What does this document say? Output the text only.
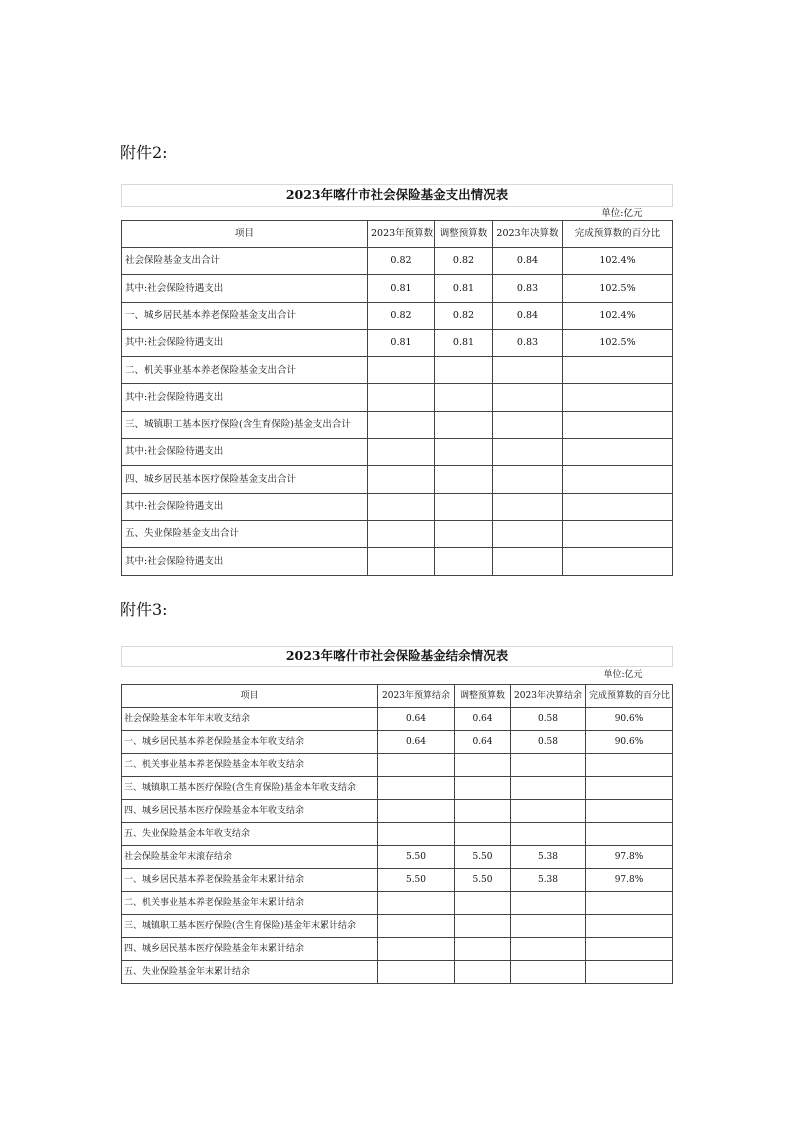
附件2:
2023年喀什市社会保险基金支出情况表				
单位:亿元				
项目	2023年预算数	调整预算数	2023年决算数	完成预算数的百分比
社会保险基金支出合计	0.82	0.82	0.84	102.4%
其中:社会保险待遇支出	0.81	0.81	0.83	102.5%
一、城乡居民基本养老保险基金支出合计	0.82	0.82	0.84	102.4%
其中:社会保险待遇支出	0.81	0.81	0.83	102.5%
二、机关事业基本养老保险基金支出合计				
其中:社会保险待遇支出				
三、城镇职工基本医疗保险(含生育保险)基金支出合计				
其中:社会保险待遇支出				
四、城乡居民基本医疗保险基金支出合计				
其中:社会保险待遇支出				
五、失业保险基金支出合计				
其中:社会保险待遇支出				
附件3:
2023年喀什市社会保险基金结余情况表				
单位:亿元				
项目	2023年预算结余	调整预算数	2023年决算结余	完成预算数的百分比
社会保险基金本年年末收支结余	0.64	0.64	0.58	90.6%
一、城乡居民基本养老保险基金本年收支结余	0.64	0.64	0.58	90.6%
二、机关事业基本养老保险基金本年收支结余				
三、城镇职工基本医疗保险(含生育保险)基金本年收支结余				
四、城乡居民基本医疗保险基金本年收支结余				
五、失业保险基金本年收支结余				
社会保险基金年末滚存结余	5.50	5.50	5.38	97.8%
一、城乡居民基本养老保险基金年末累计结余	5.50	5.50	5.38	97.8%
二、机关事业基本养老保险基金年末累计结余				
三、城镇职工基本医疗保险(含生育保险)基金年末累计结余				
四、城乡居民基本医疗保险基金年末累计结余				
五、失业保险基金年末累计结余				
